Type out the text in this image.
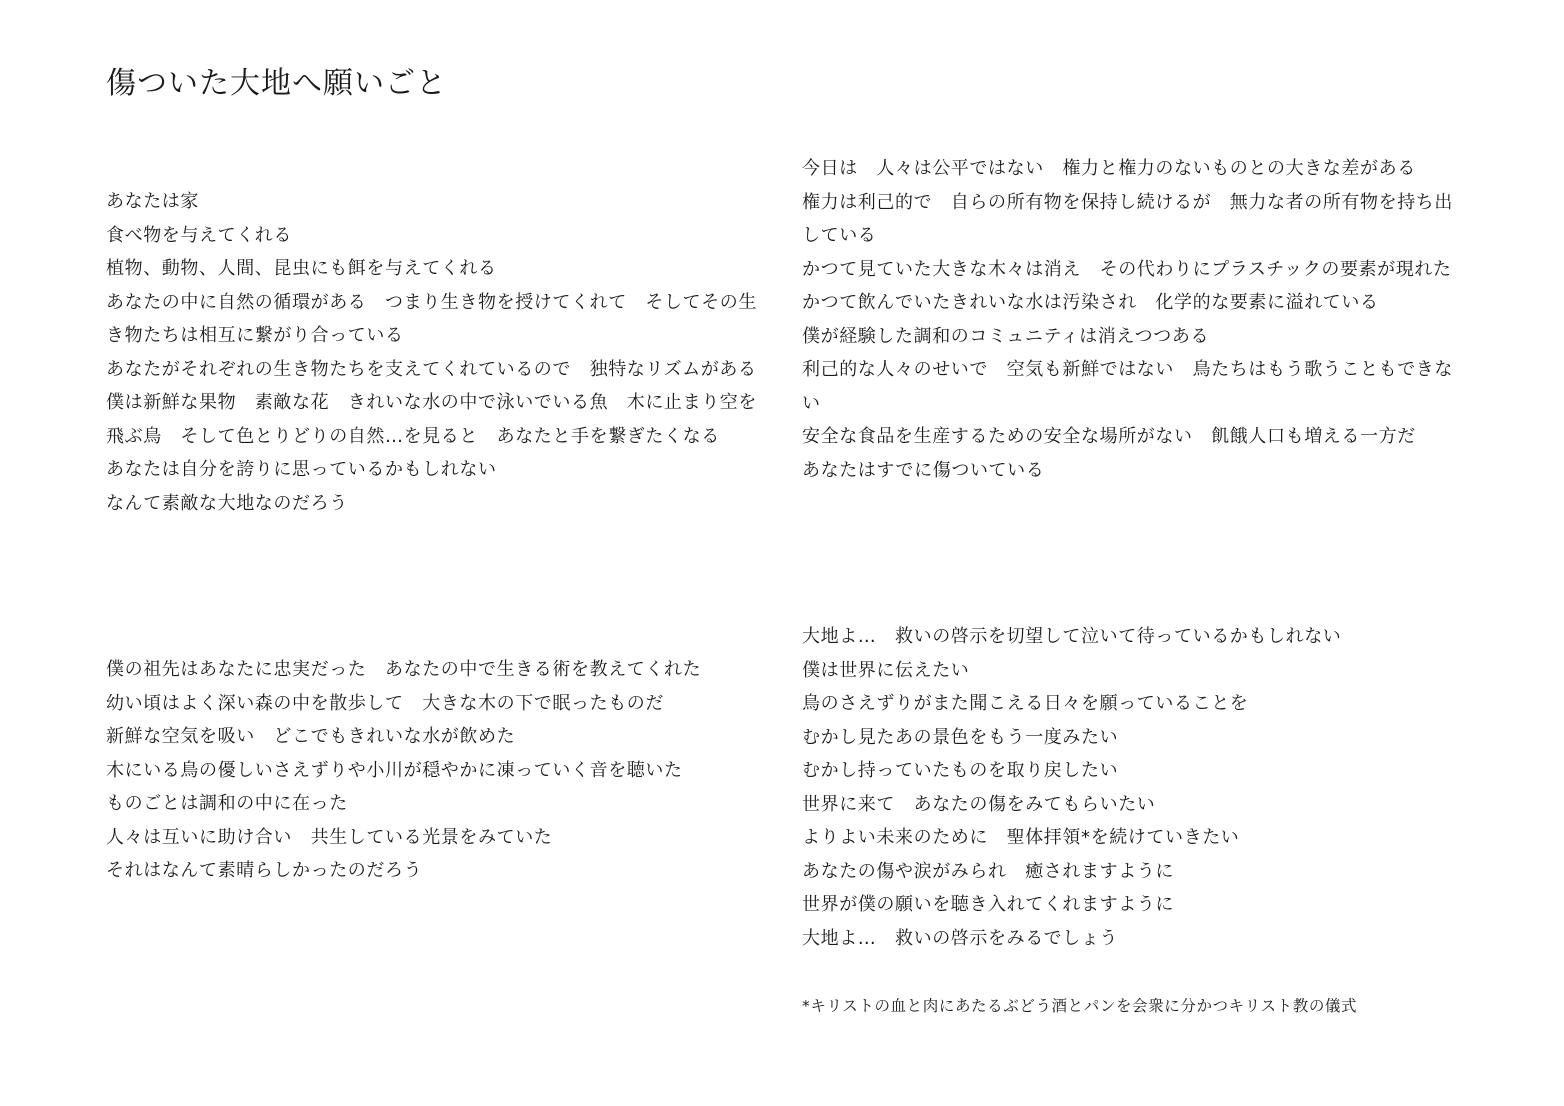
傷ついた大地へ願いごと

あなたは家

食べ物を与えてくれる

植物、動物、人間、昆虫にも餌を与えてくれる

あなたの中に自然の循環がある　つまり生き物を授けてくれて　そしてその生き物たちは相互に繋がり合っている

あなたがそれぞれの生き物たちを支えてくれているので　独特なリズムがある

僕は新鮮な果物　素敵な花　きれいな水の中で泳いでいる魚　木に止まり空を飛ぶ鳥　そして色とりどりの自然…を見ると　あなたと手を繋ぎたくなる

あなたは自分を誇りに思っているかもしれない

なんて素敵な大地なのだろう

僕の祖先はあなたに忠実だった　あなたの中で生きる術を教えてくれた

幼い頃はよく深い森の中を散歩して　大きな木の下で眠ったものだ

新鮮な空気を吸い　どこでもきれいな水が飲めた

木にいる鳥の優しいさえずりや小川が穏やかに凍っていく音を聴いた

ものごとは調和の中に在った

人々は互いに助け合い　共生している光景をみていた

それはなんて素晴らしかったのだろう

今日は　人々は公平ではない　権力と権力のないものとの大きな差がある

権力は利己的で　自らの所有物を保持し続けるが　無力な者の所有物を持ち出している

かつて見ていた大きな木々は消え　その代わりにプラスチックの要素が現れた

かつて飲んでいたきれいな水は汚染され　化学的な要素に溢れている

僕が経験した調和のコミュニティは消えつつある

利己的な人々のせいで　空気も新鮮ではない　鳥たちはもう歌うこともできない

安全な食品を生産するための安全な場所がない　飢餓人口も増える一方だ

あなたはすでに傷ついている

大地よ…　救いの啓示を切望して泣いて待っているかもしれない

僕は世界に伝えたい

鳥のさえずりがまた聞こえる日々を願っていることを

むかし見たあの景色をもう一度みたい

むかし持っていたものを取り戻したい

世界に来て　あなたの傷をみてもらいたい

よりよい未来のために　聖体拝領*を続けていきたい

あなたの傷や涙がみられ　癒されますように

世界が僕の願いを聴き入れてくれますように

大地よ…　救いの啓示をみるでしょう

*キリストの血と肉にあたるぶどう酒とパンを会衆に分かつキリスト教の儀式
